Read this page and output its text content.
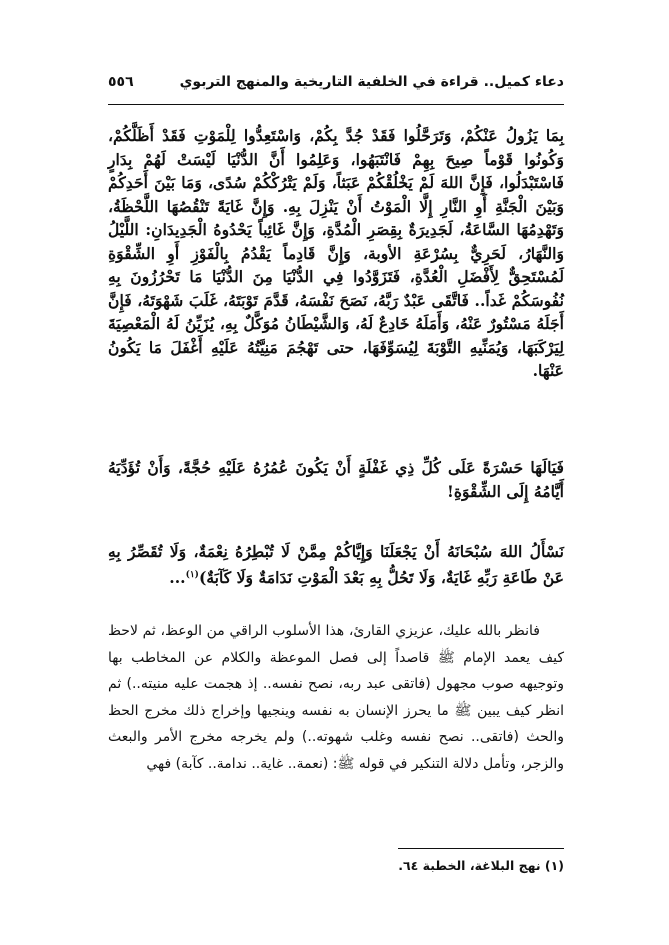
دعاء كميل.. قراءة في الخلفية التاريخية والمنهج التربوي
٥٥٦
بِمَا يَزُولُ عَنْكُمْ، وَتَرَحَّلُوا فَقَدْ جُدَّ بِكُمْ، وَاسْتَعِدُّوا لِلْمَوْتِ فَقَدْ أَظَلَّكُمْ، وَكُونُوا قَوْماً صِيحَ بِهِمْ فَانْتَبَهُوا، وَعَلِمُوا أَنَّ الدُّنْيَا لَيْسَتْ لَهُمْ بِدَارٍ فَاسْتَبْدَلُوا، فَإِنَّ اللهَ لَمْ يَخْلُقْكُمْ عَبَثاً، وَلَمْ يَتْرُكْكُمْ سُدًى، وَمَا بَيْنَ أَحَدِكُمْ وَبَيْنَ الْجَنَّةِ أَوِ النَّارِ إِلَّا الْمَوْتُ أَنْ يَنْزِلَ بِهِ. وَإِنَّ غَايَةً تَنْقُصُهَا اللَّحْظَةُ، وَتَهْدِمُهَا السَّاعَةُ، لَجَدِيرَةٌ بِقِصَرِ الْمُدَّةِ، وَإِنَّ غَائِباً يَحْدُوهُ الْجَدِيدَانِ: اللَّيْلُ وَالنَّهَارُ، لَحَرِيٌّ بِسُرْعَةِ الأوبة، وَإِنَّ قَادِماً يَقْدُمُ بِالْفَوْزِ أَوِ الشِّقْوَةِ لَمُسْتَحِقٌّ لِأَفْضَلِ الْعُدَّةِ، فَتَزَوَّدُوا فِي الدُّنْيَا مِنَ الدُّنْيَا مَا تَحْرُزُونَ بِهِ نُفُوسَكُمْ غَداً.. فَاتَّقَى عَبْدٌ رَبَّهُ، نَصَحَ نَفْسَهُ، قَدَّمَ تَوْبَتَهُ، غَلَبَ شَهْوَتَهُ، فَإِنَّ أَجَلَهُ مَسْتُورٌ عَنْهُ، وَأَمَلَهُ خَادِعٌ لَهُ، وَالشَّيْطَانُ مُوَكَّلٌ بِهِ، يُزَيِّنُ لَهُ الْمَعْصِيَةَ لِيَرْكَبَهَا، وَيُمَنِّيهِ التَّوْبَةَ لِيُسَوِّفَهَا، حتى تَهْجُمَ مَنِيَّتُهُ عَلَيْهِ أَغْفَلَ مَا يَكُونُ عَنْهَا.
فَيَالَهَا حَسْرَةً عَلَى كُلِّ ذِي غَفْلَةٍ أَنْ يَكُونَ عُمُرُهُ عَلَيْهِ حُجَّةً، وَأَنْ تُؤَدِّيَهُ أَيَّامُهُ إِلَى الشِّقْوَةِ!
نَسْأَلُ اللهَ سُبْحَانَهُ أَنْ يَجْعَلَنَا وَإِيَّاكُمْ مِمَّنْ لَا تُبْطِرُهُ نِعْمَةٌ، وَلَا تُقَصِّرُ بِهِ عَنْ طَاعَةِ رَبِّهِ غَايَةٌ، وَلَا تَحُلُّ بِهِ بَعْدَ الْمَوْتِ نَدَامَةٌ وَلَا كَآبَةٌ)$^{(١)}$...
فانظر بالله عليك، عزيزي القارئ، هذا الأسلوب الراقي من الوعظ، ثم لاحظ كيف يعمد الإمام ﷺ قاصداً إلى فصل الموعظة والكلام عن المخاطب بها وتوجيهه صوب مجهول (فاتقى عبد ربه، نصح نفسه.. إذ هجمت عليه منيته..) ثم انظر كيف يبين ﷺ ما يحرز الإنسان به نفسه وينجيها وإخراج ذلك مخرج الحظ والحث (فاتقى.. نصح نفسه وغلب شهوته..) ولم يخرجه مخرج الأمر والبعث والزجر، وتأمل دلالة التنكير في قوله ﷺ: (نعمة.. غاية.. ندامة.. كآبة) فهي
(١) نهج البلاغة، الخطبة ٦٤.
